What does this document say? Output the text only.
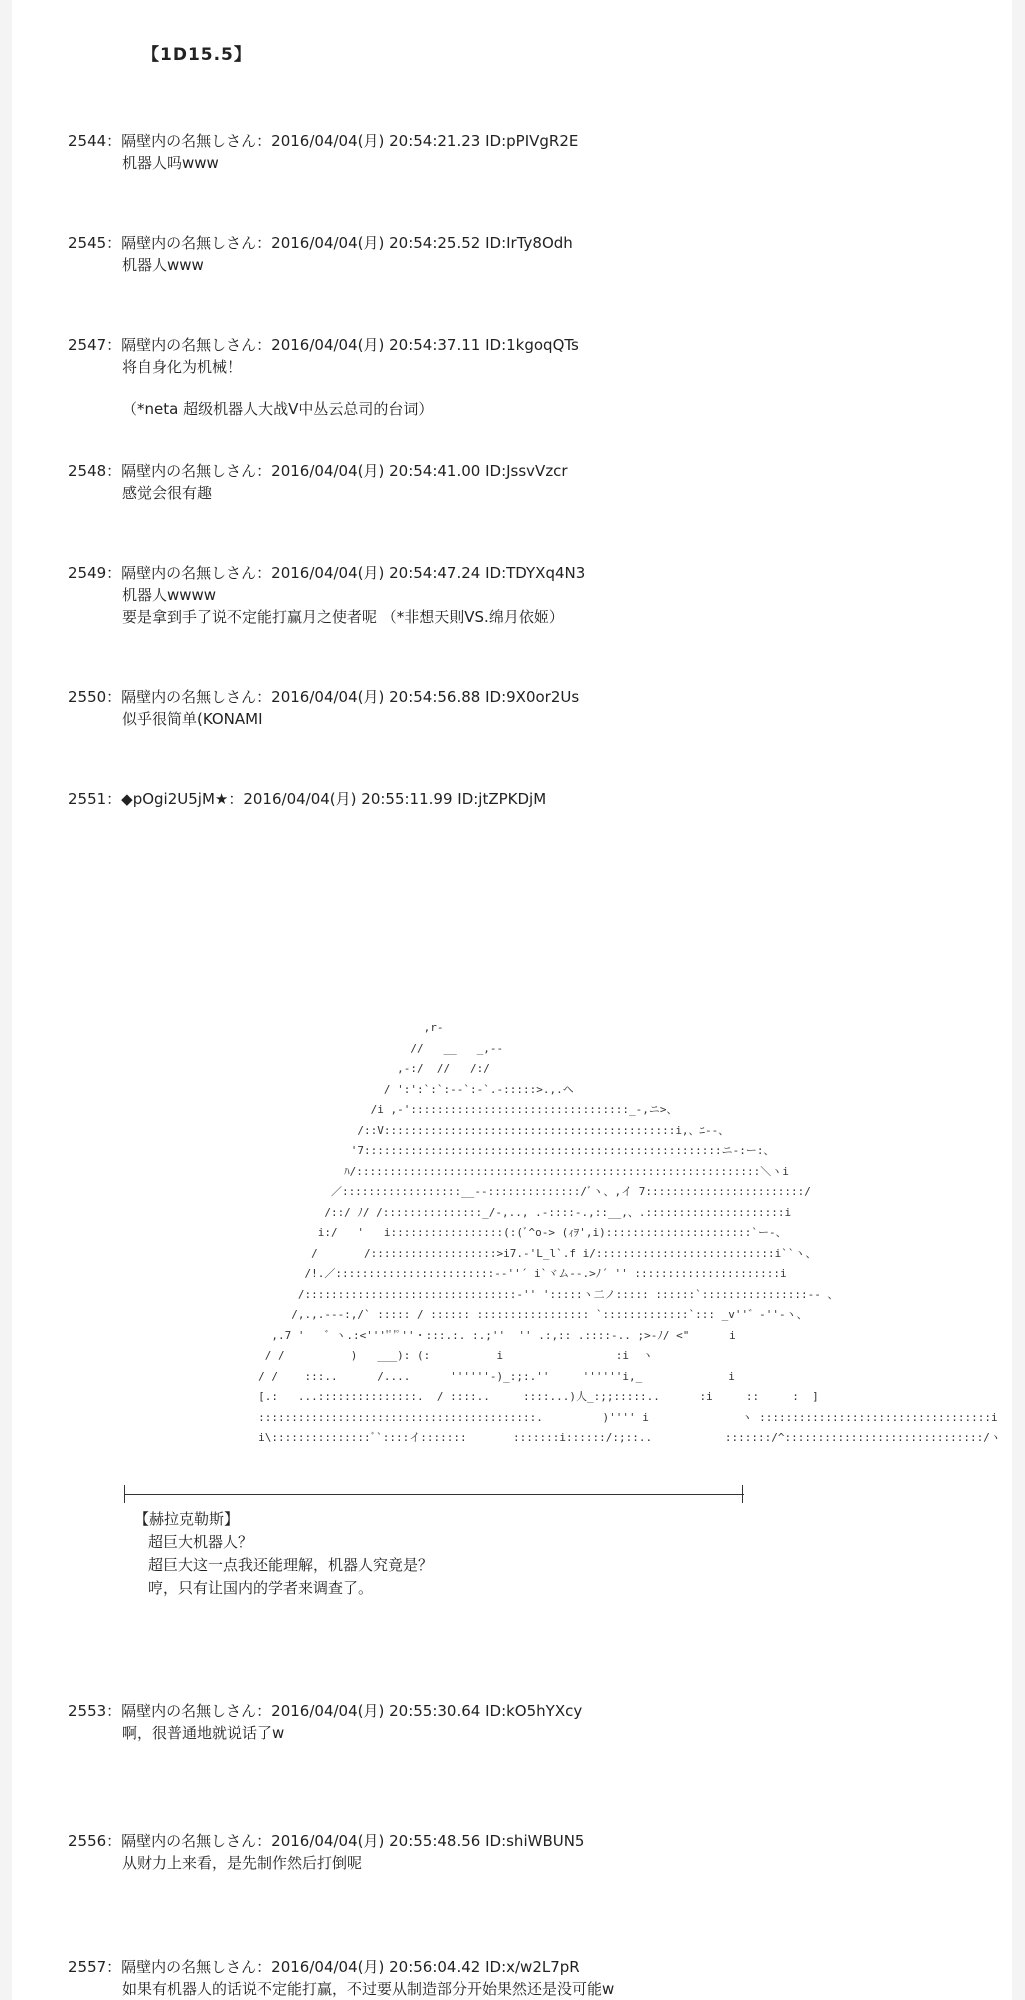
【1D15.5】
2544：隔壁内の名無しさん：2016/04/04(月) 20:54:21.23 ID:pPIVgR2E
机器人吗www
2545：隔壁内の名無しさん：2016/04/04(月) 20:54:25.52 ID:IrTy8Odh
机器人www
2547：隔壁内の名無しさん：2016/04/04(月) 20:54:37.11 ID:1kgoqQTs
将自身化为机械！
（*neta 超级机器人大战V中丛云总司的台词）
2548：隔壁内の名無しさん：2016/04/04(月) 20:54:41.00 ID:JssvVzcr
感觉会很有趣
2549：隔壁内の名無しさん：2016/04/04(月) 20:54:47.24 ID:TDYXq4N3
机器人wwww
要是拿到手了说不定能打赢月之使者呢 （*非想天則VS.绵月依姬）
2550：隔壁内の名無しさん：2016/04/04(月) 20:54:56.88 ID:9X0or2Us
似乎很简单(KONAMI
2551：◆pOgi2U5jM★：2016/04/04(月) 20:55:11.99 ID:jtZPKDjM
,r‐
//   __   _,-‐
,-:/  //   /:/
/ ':':`:`:‐-`:-`.-:::::>.,.ヘ
/i ,-':::::::::::::::::::::::::::::::::_-,ニ>、
/::V::::::::::::::::::::::::::::::::::::::::::::i,、ﾆ‐-、
'7::::::::::::::::::::::::::::::::::::::::::::::::::::::ニ-:ー:、
ﾊ/:::::::::::::::::::::::::::::::::::::::::::::::::::::::::::::＼ヽi
／::::::::::::::::::__-‐::::::::::::::/ﾞヽ、,イ 7::::::::::::::::::::::::/
/::/ ﾉ/ /:::::::::::::::_/-,.., .-::::-.,::__,、.:::::::::::::::::::::i
i:/   '   i:::::::::::::::::(:(ﾞ^o-> (ｨｦ',i)::::::::::::::::::::::`ー-、
/       /:::::::::::::::::::>i7.-'L_l`.f i/:::::::::::::::::::::::::::i``ヽ、
/!.／::::::::::::::::::::::::-‐''´ i`ヾム‐-.>ﾉ´ '' ::::::::::::::::::::::i
/::::::::::::::::::::::::::::::::-'' ':::::ヽ二ノ::::: ::::::`::::::::::::::::‐- 、
/,.,.-‐-:,/` ::::: / :::::: ::::::::::::::::: `:::::::::::::`::: _v''゛‐''‐ヽ、
,.7 '   ゛ヽ.:<''''ﾟ'ﾟ''・:::.:. :.;''  '' .:,:: .::::-.. ;>-ﾉ/ <"      i
/ /          )   ___): (:          i                 :i  ヽ
/ /    :::..      /....      ''''''‐)_:;:.''     ''''''i,_             i
[.:   ...:::::::::::::::.  / ::::..     ::::...)人_:;;:::::..      :i     ::     :  ]
::::::::::::::::::::::::::::::::::::::::::.         )'''' i              ヽ :::::::::::::::::::::::::::::::::::i
i\:::::::::::::::ﾞ`::::イ:::::::       :::::::i::::::/:;::..           :::::::/^::::::::::::::::::::::::::::::/ヽ
【赫拉克勒斯】
超巨大机器人？
超巨大这一点我还能理解，机器人究竟是？
哼，只有让国内的学者来调查了。
2553：隔壁内の名無しさん：2016/04/04(月) 20:55:30.64 ID:kO5hYXcy
啊，很普通地就说话了w
2556：隔壁内の名無しさん：2016/04/04(月) 20:55:48.56 ID:shiWBUN5
从财力上来看，是先制作然后打倒呢
2557：隔壁内の名無しさん：2016/04/04(月) 20:56:04.42 ID:x/w2L7pR
如果有机器人的话说不定能打赢，不过要从制造部分开始果然还是没可能w
